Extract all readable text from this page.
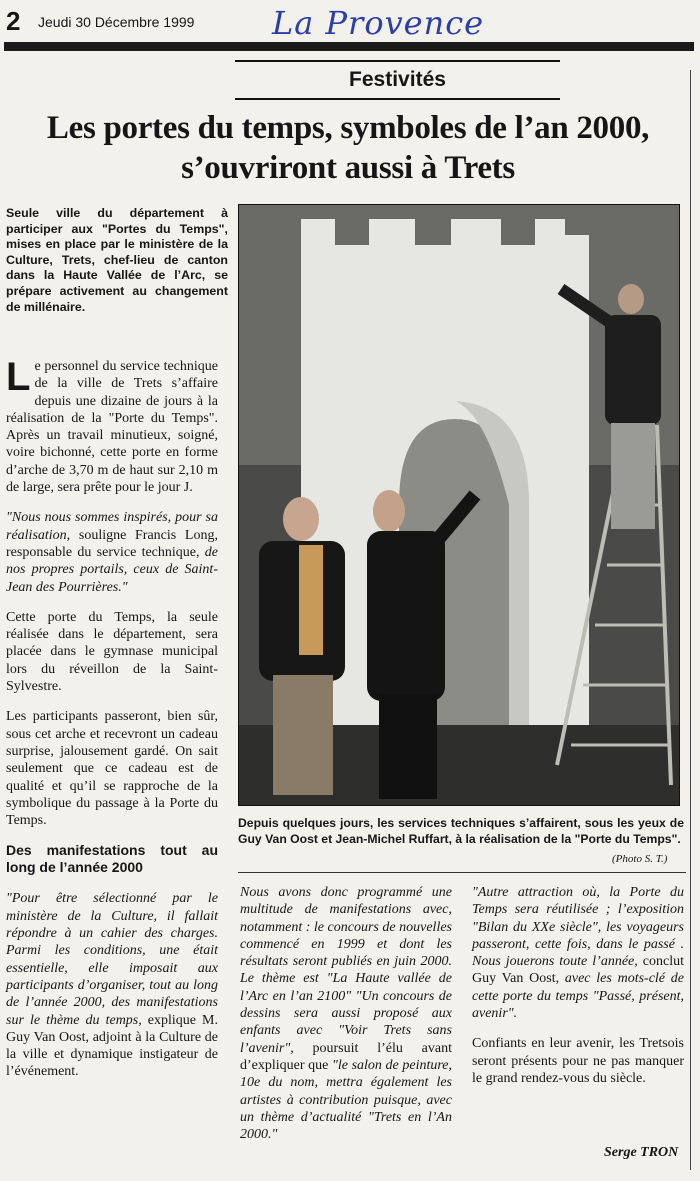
2 Jeudi 30 Décembre 1999 La Provence
Festivités
Les portes du temps, symboles de l’an 2000, s’ouvriront aussi à Trets
Seule ville du département à participer aux "Portes du Temps", mises en place par le ministère de la Culture, Trets, chef-lieu de canton dans la Haute Vallée de l’Arc, se prépare activement au changement de millénaire.
Depuis quelques jours, les services techniques s’affairent, sous les yeux de Guy Van Oost et Jean-Michel Ruffart, à la réalisation de la "Porte du Temps".
(Photo S. T.)

Le personnel du service technique de la ville de Trets s’affaire depuis une dizaine de jours à la réalisation de la "Porte du Temps". Après un travail minutieux, soigné, voire bichonné, cette porte en forme d’arche de 3,70 m de haut sur 2,10 m de large, sera prête pour le jour J.

"Nous nous sommes inspirés, pour sa réalisation, souligne Francis Long, responsable du service technique, de nos propres portails, ceux de Saint-Jean des Pourrières."

Cette porte du Temps, la seule réalisée dans le département, sera placée dans le gymnase municipal lors du réveillon de la Saint-Sylvestre.

Les participants passeront, bien sûr, sous cet arche et recevront un cadeau surprise, jalousement gardé. On sait seulement que ce cadeau est de qualité et qu’il se rapproche de la symbolique du passage à la Porte du Temps.

Des manifestations tout au long de l’année 2000

"Pour être sélectionné par le ministère de la Culture, il fallait répondre à un cahier des charges. Parmi les conditions, une était essentielle, elle imposait aux participants d’organiser, tout au long de l’année 2000, des manifestations sur le thème du temps, explique M. Guy Van Oost, adjoint à la Culture de la ville et dynamique instigateur de l’événement.

Nous avons donc programmé une multitude de manifestations avec, notamment : le concours de nouvelles commencé en 1999 et dont les résultats seront publiés en juin 2000. Le thème est "La Haute vallée de l’Arc en l’an 2100" "Un concours de dessins sera aussi proposé aux enfants avec "Voir Trets sans l’avenir", poursuit l’élu avant d’expliquer que "le salon de peinture, 10e du nom, mettra également les artistes à contribution puisque, avec un thème d’actualité "Trets en l’An 2000."

"Autre attraction où, la Porte du Temps sera réutilisée ; l’exposition "Bilan du XXe siècle", les voyageurs passeront, cette fois, dans le passé . Nous jouerons toute l’année, conclut Guy Van Oost, avec les mots-clé de cette porte du temps "Passé, présent, avenir".

Confiants en leur avenir, les Tretsois seront présents pour ne pas manquer le grand rendez-vous du siècle.

Serge TRON
